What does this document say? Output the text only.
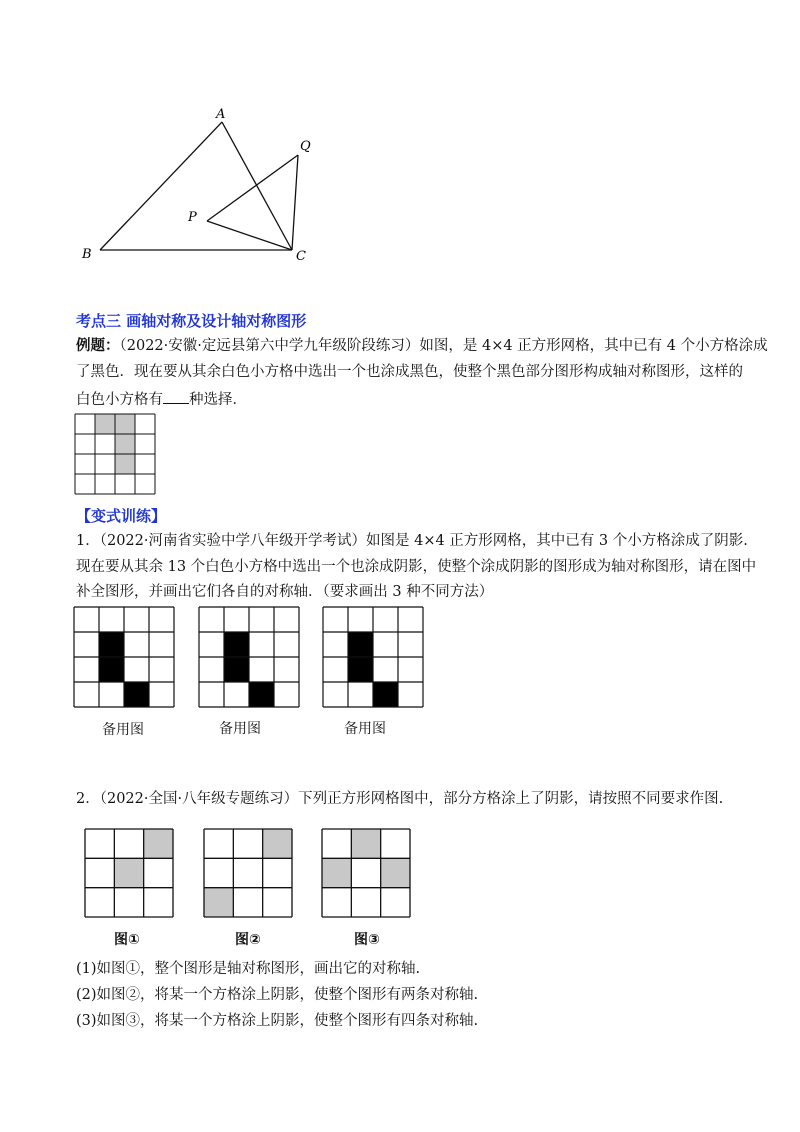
A
B	C
P
Q
考点三 画轴对称及设计轴对称图形
例题：（2022·安徽·定远县第六中学九年级阶段练习）如图，是 4×4 正方形网格，其中已有 4 个小方格涂成
了黑色．现在要从其余白色小方格中选出一个也涂成黑色，使整个黑色部分图形构成轴对称图形，这样的
白色小方格有 种选择．
【变式训练】
1．（2022·河南省实验中学八年级开学考试）如图是 4×4 正方形网格，其中已有 3 个小方格涂成了阴影.
现在要从其余 13 个白色小方格中选出一个也涂成阴影，使整个涂成阴影的图形成为轴对称图形，请在图中
补全图形，并画出它们各自的对称轴．（要求画出 3 种不同方法）
备用图	备用图	备用图
2．（2022·全国·八年级专题练习）下列正方形网格图中，部分方格涂上了阴影，请按照不同要求作图.
图①	图②	图③
(1)如图①，整个图形是轴对称图形，画出它的对称轴.
(2)如图②，将某一个方格涂上阴影，使整个图形有两条对称轴.
(3)如图③，将某一个方格涂上阴影，使整个图形有四条对称轴.
